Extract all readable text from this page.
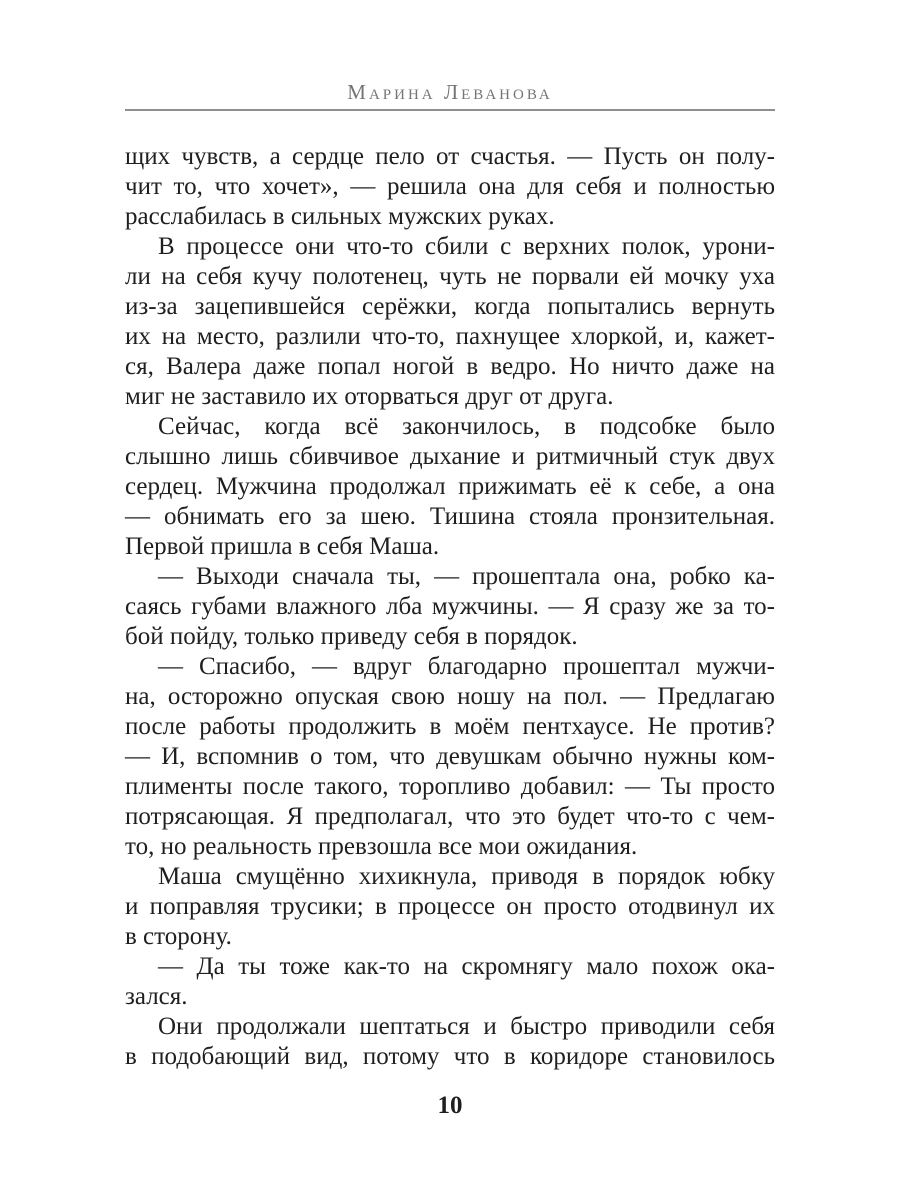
Марина Леванова
щих чувств, а сердце пело от счастья. — Пусть он полу-
чит то, что хочет», — решила она для себя и полностью
расслабилась в сильных мужских руках.
В процессе они что-то сбили с верхних полок, урони-
ли на себя кучу полотенец, чуть не порвали ей мочку уха
из-за зацепившейся серёжки, когда попытались вернуть
их на место, разлили что-то, пахнущее хлоркой, и, кажет-
ся, Валера даже попал ногой в ведро. Но ничто даже на
миг не заставило их оторваться друг от друга.
Сейчас, когда всё закончилось, в подсобке было
слышно лишь сбивчивое дыхание и ритмичный стук двух
сердец. Мужчина продолжал прижимать её к себе, а она
— обнимать его за шею. Тишина стояла пронзительная.
Первой пришла в себя Маша.
— Выходи сначала ты, — прошептала она, робко ка-
саясь губами влажного лба мужчины. — Я сразу же за то-
бой пойду, только приведу себя в порядок.
— Спасибо, — вдруг благодарно прошептал мужчи-
на, осторожно опуская свою ношу на пол. — Предлагаю
после работы продолжить в моём пентхаусе. Не против?
— И, вспомнив о том, что девушкам обычно нужны ком-
плименты после такого, торопливо добавил: — Ты просто
потрясающая. Я предполагал, что это будет что-то с чем-
то, но реальность превзошла все мои ожидания.
Маша смущённо хихикнула, приводя в порядок юбку
и поправляя трусики; в процессе он просто отодвинул их
в сторону.
— Да ты тоже как-то на скромнягу мало похож ока-
зался.
Они продолжали шептаться и быстро приводили себя
в подобающий вид, потому что в коридоре становилось
10
